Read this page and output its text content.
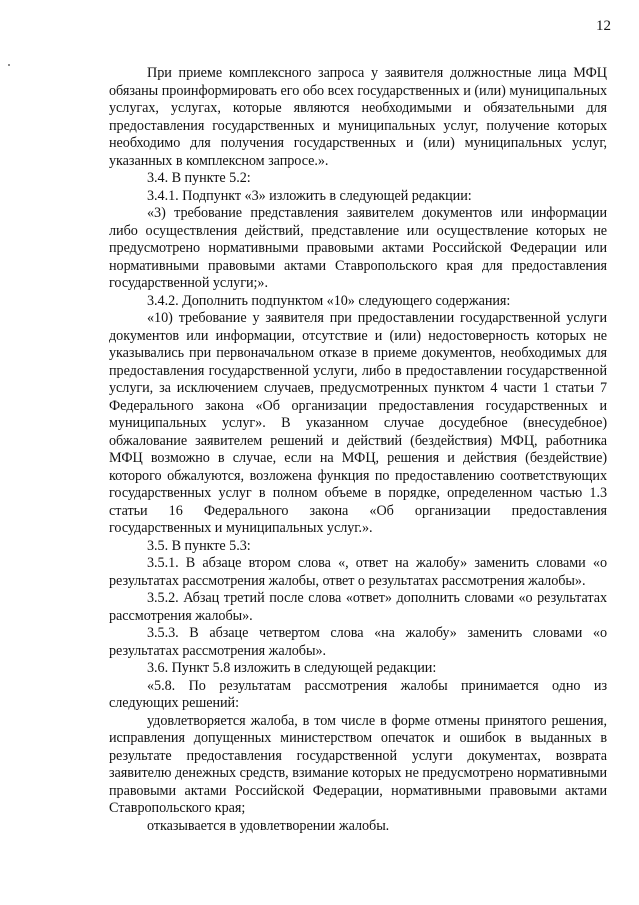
12

При приеме комплексного запроса у заявителя должностные лица МФЦ обязаны проинформировать его обо всех государственных и (или) муниципальных услугах, услугах, которые являются необходимыми и обязательными для предоставления государственных и муниципальных услуг, получение которых необходимо для получения государственных и (или) муниципальных услуг, указанных в комплексном запросе.».

3.4. В пункте 5.2:

3.4.1. Подпункт «3» изложить в следующей редакции:

«3) требование представления заявителем документов или информации либо осуществления действий, представление или осуществление которых не предусмотрено нормативными правовыми актами Российской Федерации или нормативными правовыми актами Ставропольского края для предоставления государственной услуги;».

3.4.2. Дополнить подпунктом «10» следующего содержания:

«10) требование у заявителя при предоставлении государственной услуги документов или информации, отсутствие и (или) недостоверность которых не указывались при первоначальном отказе в приеме документов, необходимых для предоставления государственной услуги, либо в предоставлении государственной услуги, за исключением случаев, предусмотренных пунктом 4 части 1 статьи 7 Федерального закона «Об организации предоставления государственных и муниципальных услуг». В указанном случае досудебное (внесудебное) обжалование заявителем решений и действий (бездействия) МФЦ, работника МФЦ возможно в случае, если на МФЦ, решения и действия (бездействие) которого обжалуются, возложена функция по предоставлению соответствующих государственных услуг в полном объеме в порядке, определенном частью 1.3 статьи 16 Федерального закона «Об организации предоставления государственных и муниципальных услуг.».

3.5. В пункте 5.3:

3.5.1. В абзаце втором слова «, ответ на жалобу» заменить словами «о результатах рассмотрения жалобы, ответ о результатах рассмотрения жалобы».

3.5.2. Абзац третий после слова «ответ» дополнить словами «о результатах рассмотрения жалобы».

3.5.3. В абзаце четвертом слова «на жалобу» заменить словами «о результатах рассмотрения жалобы».

3.6. Пункт 5.8 изложить в следующей редакции:

«5.8. По результатам рассмотрения жалобы принимается одно из следующих решений:

удовлетворяется жалоба, в том числе в форме отмены принятого решения, исправления допущенных министерством опечаток и ошибок в выданных в результате предоставления государственной услуги документах, возврата заявителю денежных средств, взимание которых не предусмотрено нормативными правовыми актами Российской Федерации, нормативными правовыми актами Ставропольского края;

отказывается в удовлетворении жалобы.
